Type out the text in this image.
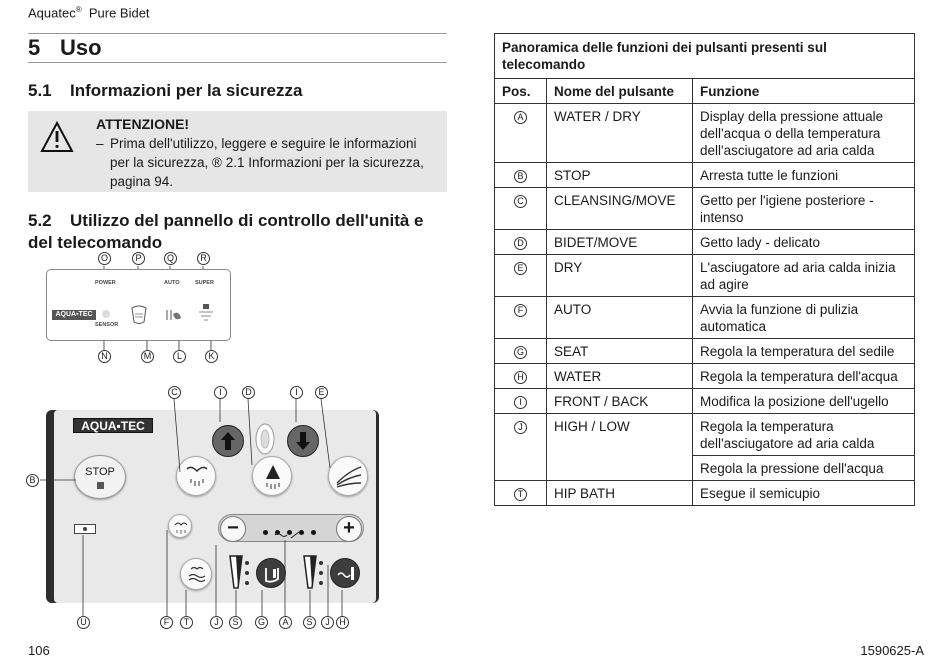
Aquatec® Pure Bidet
5 Uso
5.1 Informazioni per la sicurezza
ATTENZIONE!
– Prima dell'utilizzo, leggere e seguire le informazioni per la sicurezza, ® 2.1 Informazioni per la sicurezza, pagina 94.
5.2 Utilizzo del pannello di controllo dell'unità e
del telecomando
O	P	Q	R
POWER	AUTO	SUPER
SENSOR
AQUA▪TEC
N	M	L	K
C	I	D	I	E
B
AQUA▪TEC
STOP
−	+
U	F	T	J	S	G	A	S	J	H
Panoramica delle funzioni dei pulsanti presenti sul telecomando		
Pos.	Nome del pulsante	Funzione
A	WATER / DRY	Display della pressione attuale dell'acqua o della temperatura dell'asciugatore ad aria calda
B	STOP	Arresta tutte le funzioni
C	CLEANSING/MOVE	Getto per l'igiene posteriore - intenso
D	BIDET/MOVE	Getto lady - delicato
E	DRY	L'asciugatore ad aria calda inizia ad agire
F	AUTO	Avvia la funzione di pulizia automatica
G	SEAT	Regola la temperatura del sedile
H	WATER	Regola la temperatura dell'acqua
I	FRONT / BACK	Modifica la posizione dell'ugello
J	HIGH / LOW	Regola la temperatura dell'asciugatore ad aria calda
		Regola la pressione dell'acqua
T	HIP BATH	Esegue il semicupio
106	1590625-A
